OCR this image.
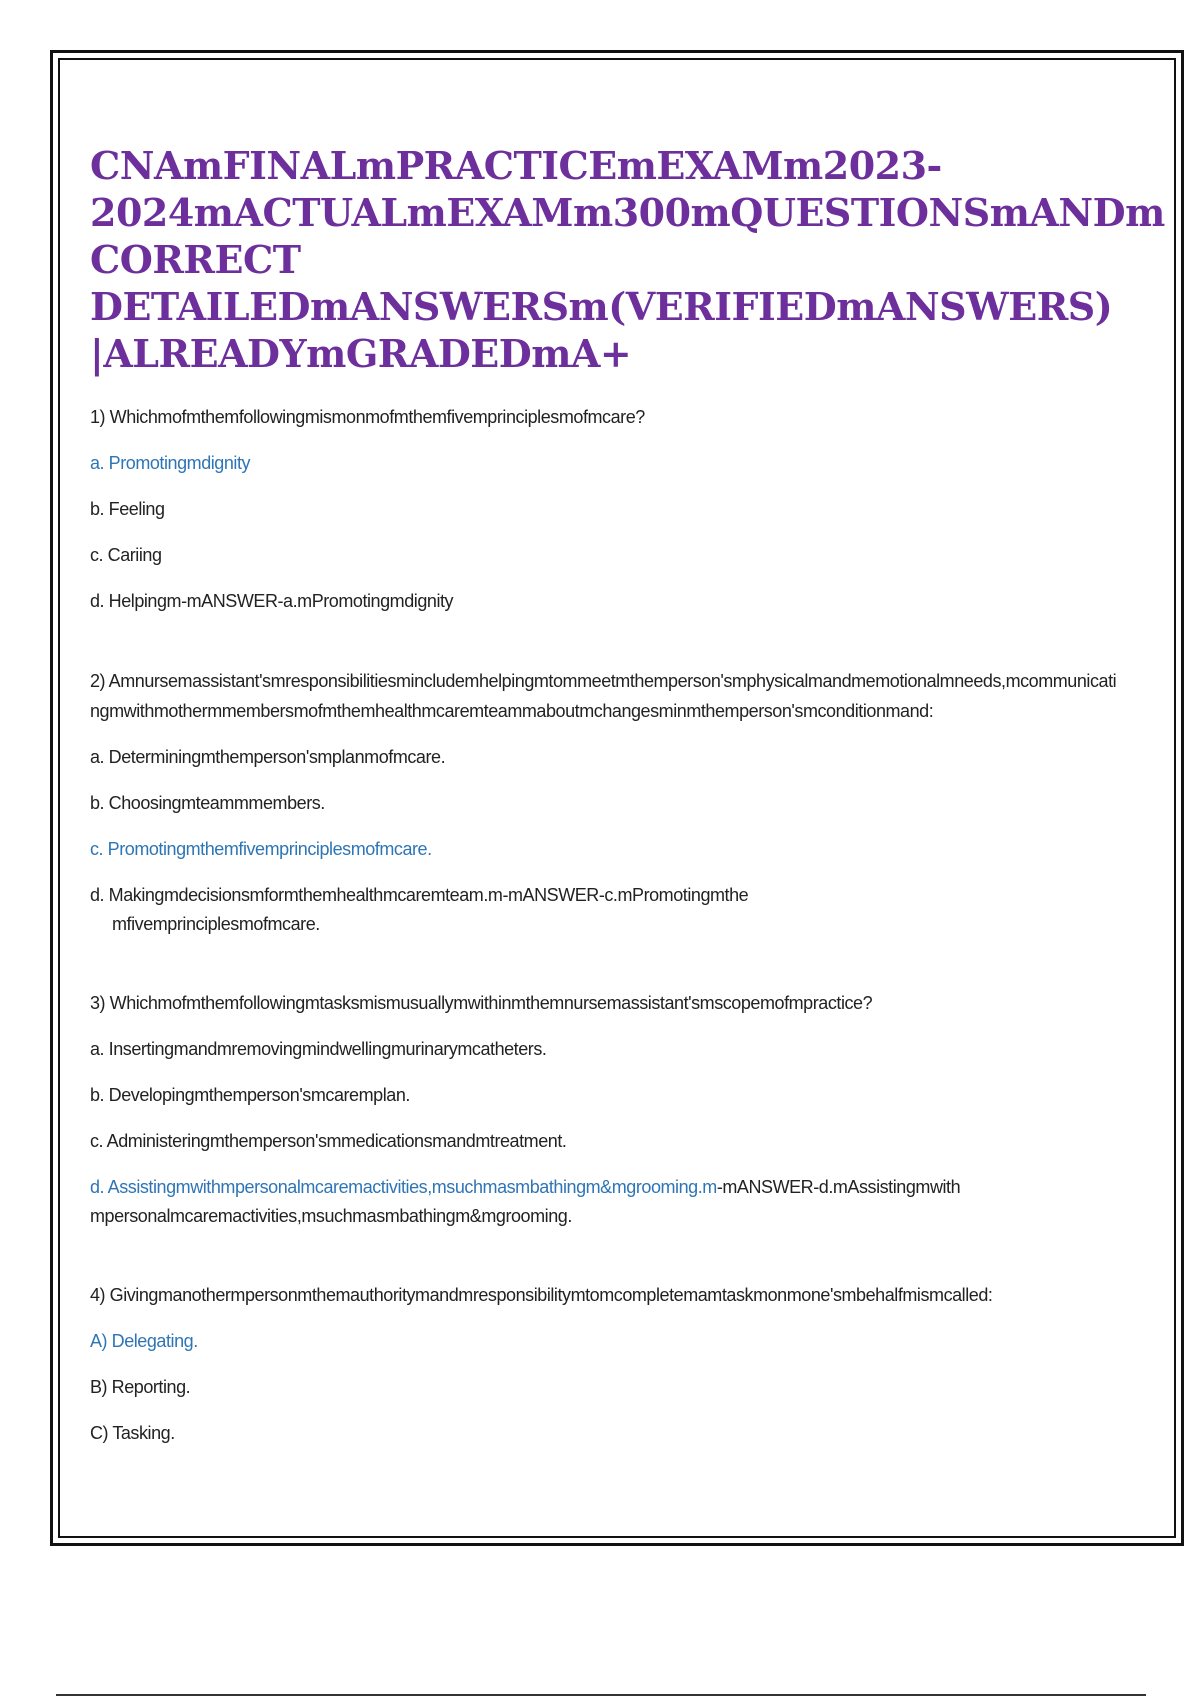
CNAmFINALmPRACTICEmEXAMm2023-
2024mACTUALmEXAMm300mQUESTIONSmANDm
CORRECT
DETAILEDmANSWERSm(VERIFIEDmANSWERS)
|ALREADYmGRADEDmA+

1) Whichmofmthemfollowingmismonmofmthemfivemprinciplesmofmcare?

a. Promotingmdignity

b. Feeling

c. Cariing

d. Helpingm-mANSWER-a.mPromotingmdignity

2) Amnursemassistant'smresponsibilitiesmincludemhelpingmtommeetmthemperson'smphysicalmandmemotionalmneeds,mcommunicatingmwithmothermmembersmofmthemhealthmcaremteammaboutmchangesminmthemperson'smconditionmand:

a. Determiningmthemperson'smplanmofmcare.

b. Choosingmteammmembers.

c. Promotingmthemfivemprinciplesmofmcare.

d. Makingmdecisionsmformthemhealthmcaremteam.m-mANSWER-c.mPromotingmthemfivemprinciplesmofmcare.

3) Whichmofmthemfollowingmtasksmismusuallymwithinmthemnursemassistant'smscopemofmpractice?

a. Insertingmandmremovingmindwellingmurinarymcatheters.

b. Developingmthemperson'smcaremplan.

c. Administeringmthemperson'smmedicationsmandmtreatment.

d. Assistingmwithmpersonalmcaremactivities,msuchmasmbathingm&mgrooming.m-mANSWER-d.mAssistingmwithmpersonalmcaremactivities,msuchmasmbathingm&mgrooming.

4) Givingmanothermpersonmthemauthoritymandmresponsibilitymtomcompletemamtaskmonmone'smbehalfmismcalled:

A) Delegating.

B) Reporting.

C) Tasking.
